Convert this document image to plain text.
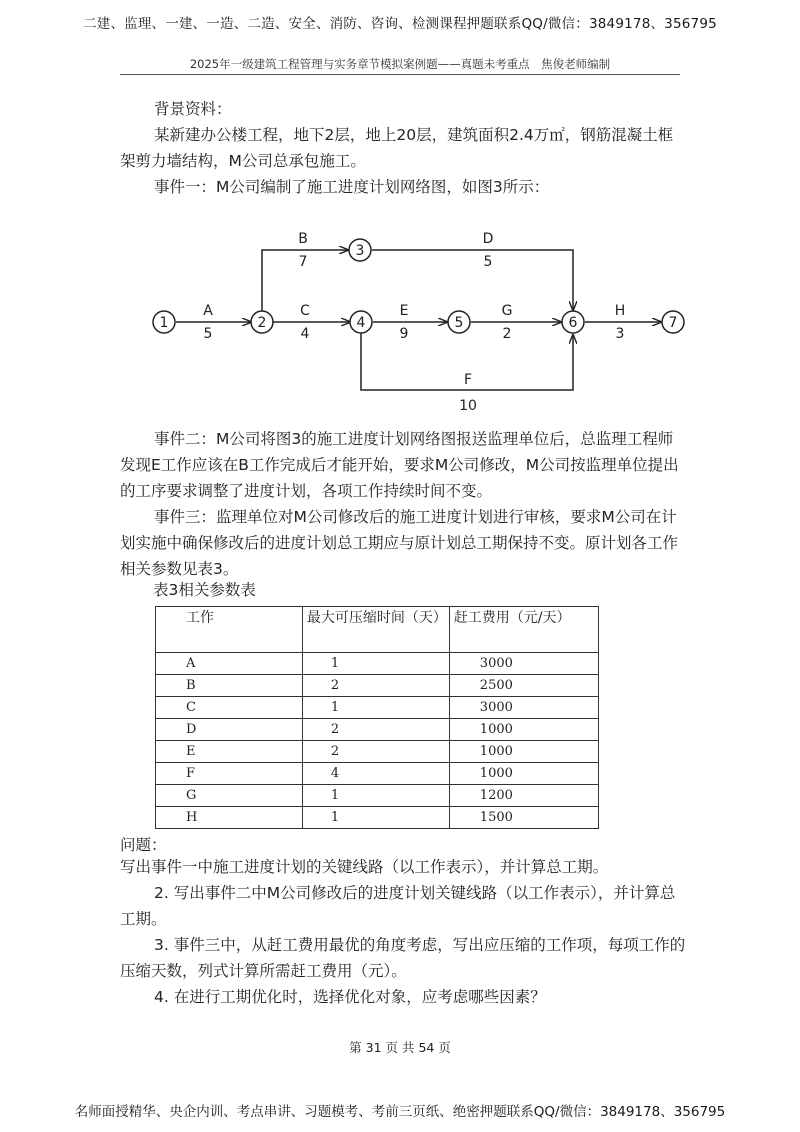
二建、监理、一建、一造、二造、安全、消防、咨询、检测课程押题联系QQ/微信：3849178、356795
2025年一级建筑工程管理与实务章节模拟案例题——真题未考重点　焦俊老师编制
背景资料：
某新建办公楼工程，地下2层，地上20层，建筑面积2.4万㎡，钢筋混凝土框架剪力墙结构，M公司总承包施工。
事件一：M公司编制了施工进度计划网络图，如图3所示：
1	2
3
4	5	6	7
A
5
B
7
C
4
D
5
E
9
F
10
G
2
H
3
事件二：M公司将图3的施工进度计划网络图报送监理单位后，总监理工程师发现E工作应该在B工作完成后才能开始，要求M公司修改，M公司按监理单位提出的工序要求调整了进度计划，各项工作持续时间不变。
事件三：监理单位对M公司修改后的施工进度计划进行审核，要求M公司在计划实施中确保修改后的进度计划总工期应与原计划总工期保持不变。原计划各工作相关参数见表3。
表3相关参数表
工作	最大可压缩时间（天）	赶工费用（元/天）
A	1	3000
B	2	2500
C	1	3000
D	2	1000
E	2	1000
F	4	1000
G	1	1200
H	1	1500
问题：
写出事件一中施工进度计划的关键线路（以工作表示），并计算总工期。
2. 写出事件二中M公司修改后的进度计划关键线路（以工作表示），并计算总工期。
3. 事件三中，从赶工费用最优的角度考虑，写出应压缩的工作项，每项工作的压缩天数，列式计算所需赶工费用（元）。
4. 在进行工期优化时，选择优化对象，应考虑哪些因素？
第 31 页 共 54 页
名师面授精华、央企内训、考点串讲、习题模考、考前三页纸、绝密押题联系QQ/微信：3849178、356795
